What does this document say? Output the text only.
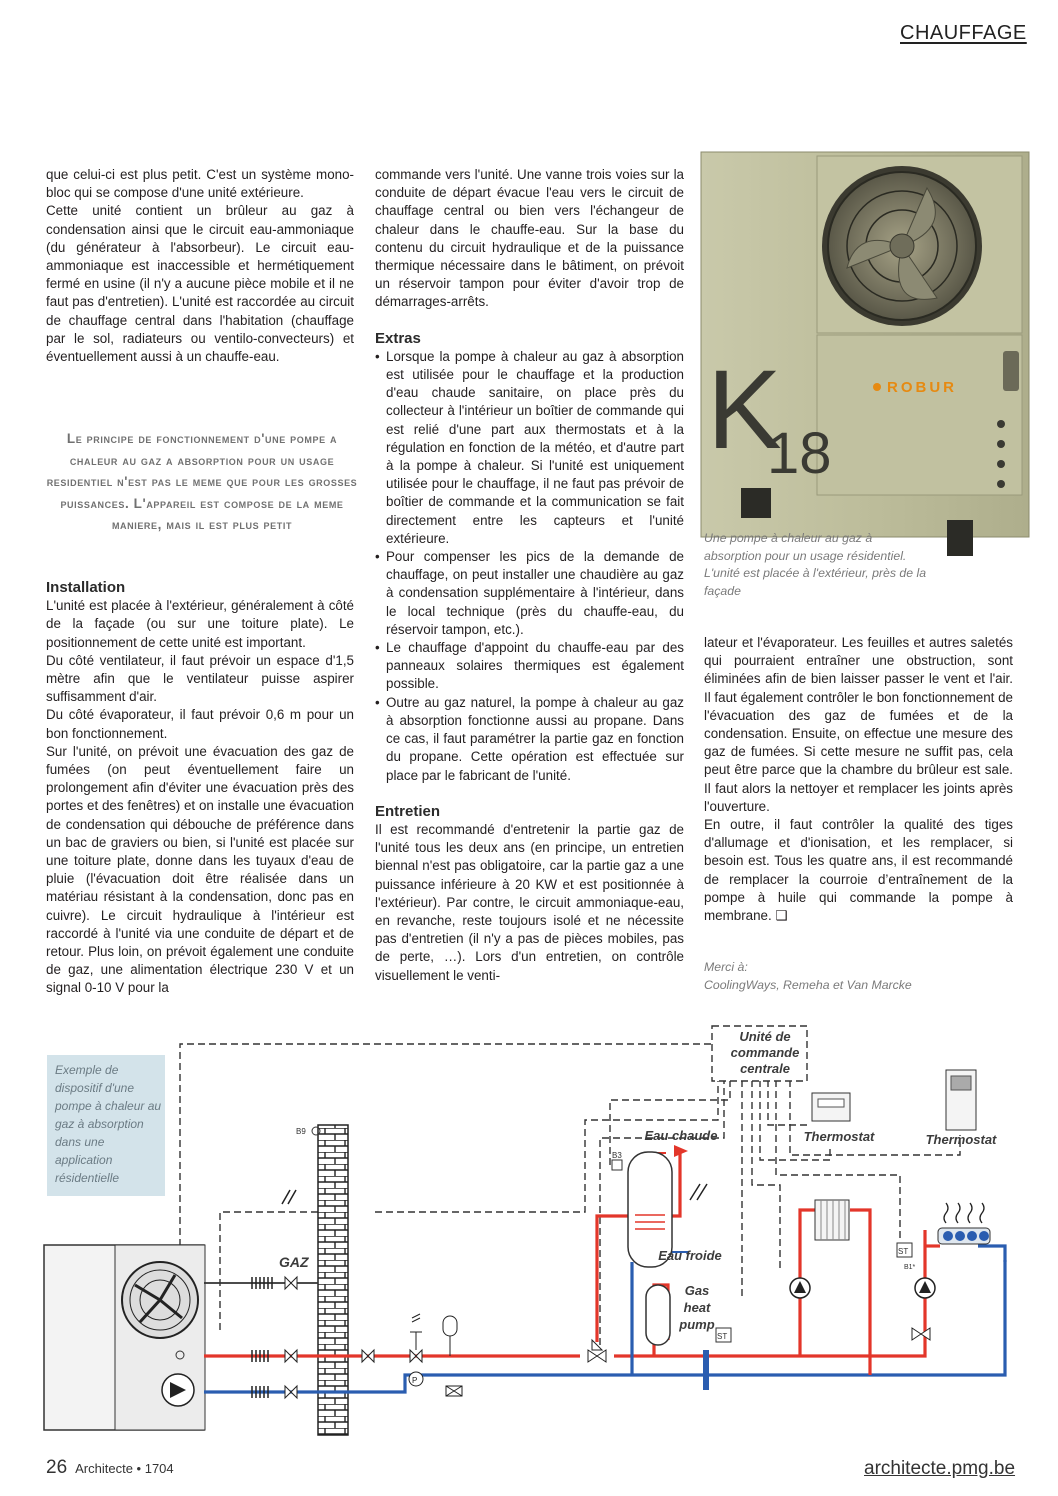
CHAUFFAGE

que celui-ci est plus petit. C'est un système mono-bloc qui se compose d'une unité extérieure.

Cette unité contient un brûleur au gaz à condensation ainsi que le circuit eau-ammoniaque (du générateur à l'absorbeur). Le circuit eau-ammoniaque est inaccessible et hermétiquement fermé en usine (il n'y a aucune pièce mobile et il ne faut pas d'entretien). L'unité est raccordée au circuit de chauffage central dans l'habitation (chauffage par le sol, radiateurs ou ventilo-convecteurs) et éventuellement aussi à un chauffe-eau.

Le principe de fonctionnement d'une pompe a chaleur au gaz a absorption pour un usage residentiel n'est pas le meme que pour les grosses puissances. L'appareil est compose de la meme maniere, mais il est plus petit
Installation

L'unité est placée à l'extérieur, généralement à côté de la façade (ou sur une toiture plate). Le positionnement de cette unité est important.

Du côté ventilateur, il faut prévoir un espace d'1,5 mètre afin que le ventilateur puisse aspirer suffisamment d'air.

Du côté évaporateur, il faut prévoir 0,6 m pour un bon fonctionnement.

Sur l'unité, on prévoit une évacuation des gaz de fumées (on peut éventuellement faire un prolongement afin d'éviter une évacuation près des portes et des fenêtres) et on installe une évacuation de condensation qui débouche de préférence dans un bac de graviers ou bien, si l'unité est placée sur une toiture plate, donne dans les tuyaux d'eau de pluie (l'évacuation doit être réalisée dans un matériau résistant à la condensation, donc pas en cuivre). Le circuit hydraulique à l'intérieur est raccordé à l'unité via une conduite de départ et de retour. Plus loin, on prévoit également une conduite de gaz, une alimentation électrique 230 V et un signal 0-10 V pour la

commande vers l'unité. Une vanne trois voies sur la conduite de départ évacue l'eau vers le circuit de chauffage central ou bien vers l'échangeur de chaleur dans le chauffe-eau. Sur la base du contenu du circuit hydraulique et de la puissance thermique nécessaire dans le bâtiment, on prévoit un réservoir tampon pour éviter d'avoir trop de démarrages-arrêts.

Extras
• Lorsque la pompe à chaleur au gaz à absorption est utilisée pour le chauffage et la production d'eau chaude sanitaire, on place près du collecteur à l'intérieur un boîtier de commande qui est relié d'une part aux thermostats et à la régulation en fonction de la météo, et d'autre part à la pompe à chaleur. Si l'unité est uniquement utilisée pour le chauffage, il ne faut pas prévoir de boîtier de commande et la communication se fait directement entre les capteurs et l'unité extérieure.
• Pour compenser les pics de la demande de chauffage, on peut installer une chaudière au gaz à condensation supplémentaire à l'intérieur, dans le local technique (près du chauffe-eau, du réservoir tampon, etc.).
• Le chauffage d'appoint du chauffe-eau par des panneaux solaires thermiques est également possible.
• Outre au gaz naturel, la pompe à chaleur au gaz à absorption fonctionne aussi au propane. Dans ce cas, il faut paramétrer la partie gaz en fonction du propane. Cette opération est effectuée sur place par le fabricant de l'unité.
Entretien

Il est recommandé d'entretenir la partie gaz de l'unité tous les deux ans (en principe, un entretien biennal n'est pas obligatoire, car la partie gaz a une puissance inférieure à 20 KW et est positionnée à l'extérieur). Par contre, le circuit ammoniaque-eau, en revanche, reste toujours isolé et ne nécessite pas d'entretien (il n'y a pas de pièces mobiles, pas de perte, …). Lors d'un entretien, on contrôle visuellement le venti-

K
18
ROBUR
Une pompe à chaleur au gaz à absorption pour un usage résidentiel. L'unité est placée à l'extérieur, près de la façade

lateur et l'évaporateur. Les feuilles et autres saletés qui pourraient entraîner une obstruction, sont éliminées afin de bien laisser passer le vent et l'air. Il faut également contrôler le bon fonctionnement de l'évacuation des gaz de fumées et de la condensation. Ensuite, on effectue une mesure des gaz de fumées. Si cette mesure ne suffit pas, cela peut être parce que la chambre du brûleur est sale. Il faut alors la nettoyer et remplacer les joints après l'ouverture.

En outre, il faut contrôler la qualité des tiges d'allumage et d'ionisation, et les remplacer, si besoin est. Tous les quatre ans, il est recommandé de remplacer la courroie d’entraînement de la pompe à huile qui commande la pompe à membrane. ❑

Merci à:
CoolingWays, Remeha et Van Marcke

Exemple de dispositif d'une pompe à chaleur au gaz à absorption dans une application résidentielle

Unité de
commande
centrale
Thermostat	Thermostat
B9
GAZ
P
B3
Eau chaude
Eau froide
Gas
heat
pump
ST
ST
B1*
26 Architecte • 1704	architecte.pmg.be
